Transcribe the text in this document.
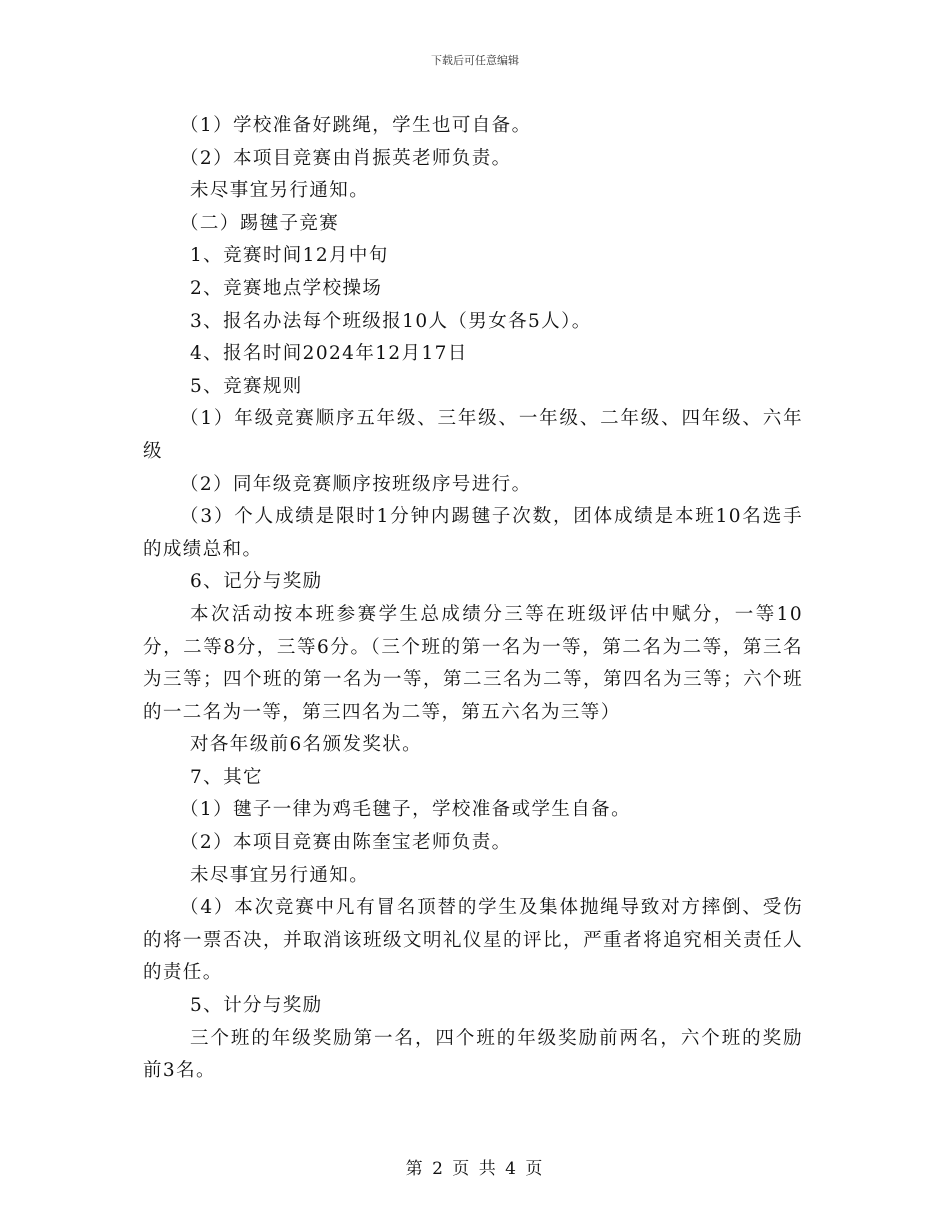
下载后可任意编辑

（1）学校准备好跳绳，学生也可自备。

（2）本项目竞赛由肖振英老师负责。

未尽事宜另行通知。

（二）踢毽子竞赛

1、竞赛时间12月中旬

2、竞赛地点学校操场

3、报名办法每个班级报10人（男女各5人）。

4、报名时间2024年12月17日

5、竞赛规则

（1）年级竞赛顺序五年级、三年级、一年级、二年级、四年级、六年级

（2）同年级竞赛顺序按班级序号进行。

（3）个人成绩是限时1分钟内踢毽子次数，团体成绩是本班10名选手的成绩总和。

6、记分与奖励

本次活动按本班参赛学生总成绩分三等在班级评估中赋分，一等10分，二等8分，三等6分。（三个班的第一名为一等，第二名为二等，第三名为三等；四个班的第一名为一等，第二三名为二等，第四名为三等；六个班的一二名为一等，第三四名为二等，第五六名为三等）

对各年级前6名颁发奖状。

7、其它

（1）毽子一律为鸡毛毽子，学校准备或学生自备。

（2）本项目竞赛由陈奎宝老师负责。

未尽事宜另行通知。

（4）本次竞赛中凡有冒名顶替的学生及集体抛绳导致对方摔倒、受伤的将一票否决，并取消该班级文明礼仪星的评比，严重者将追究相关责任人的责任。

5、计分与奖励

三个班的年级奖励第一名，四个班的年级奖励前两名，六个班的奖励前3名。

第 2 页 共 4 页
